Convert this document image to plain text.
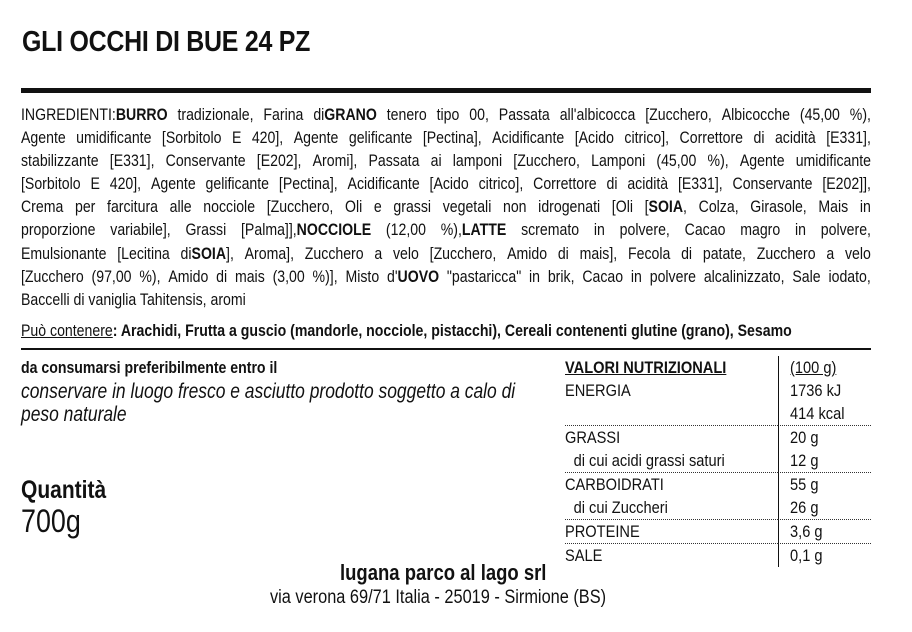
GLI OCCHI DI BUE 24 PZ
INGREDIENTI:BURRO tradizionale, Farina diGRANO tenero tipo 00, Passata all'albicocca [Zucchero, Albicocche (45,00 %),
Agente umidificante [Sorbitolo E 420], Agente gelificante [Pectina], Acidificante [Acido citrico], Correttore di acidità [E331],
stabilizzante [E331], Conservante [E202], Aromi], Passata ai lamponi [Zucchero, Lamponi (45,00 %), Agente umidificante
[Sorbitolo E 420], Agente gelificante [Pectina], Acidificante [Acido citrico], Correttore di acidità [E331], Conservante [E202]],
Crema per farcitura alle nocciole [Zucchero, Oli e grassi vegetali non idrogenati [Oli [SOIA, Colza, Girasole, Mais in
proporzione variabile], Grassi [Palma]],NOCCIOLE (12,00 %),LATTE scremato in polvere, Cacao magro in polvere,
Emulsionante [Lecitina diSOIA], Aroma], Zucchero a velo [Zucchero, Amido di mais], Fecola di patate, Zucchero a velo
[Zucchero (97,00 %), Amido di mais (3,00 %)], Misto d'UOVO "pastaricca" in brik, Cacao in polvere alcalinizzato, Sale iodato,
Baccelli di vaniglia Tahitensis, aromi
Può contenere: Arachidi, Frutta a guscio (mandorle, nocciole, pistacchi), Cereali contenenti glutine (grano), Sesamo
da consumarsi preferibilmente entro il
conservare in luogo fresco e asciutto prodotto soggetto a calo di peso naturale
Quantità
700g
lugana parco al lago srl
via verona 69/71 Italia - 25019 - Sirmione (BS)
VALORI NUTRIZIONALI	(100 g)
ENERGIA	1736 kJ
414 kcal
GRASSI	20 g
di cui acidi grassi saturi	12 g
CARBOIDRATI	55 g
di cui Zuccheri	26 g
PROTEINE	3,6 g
SALE	0,1 g
